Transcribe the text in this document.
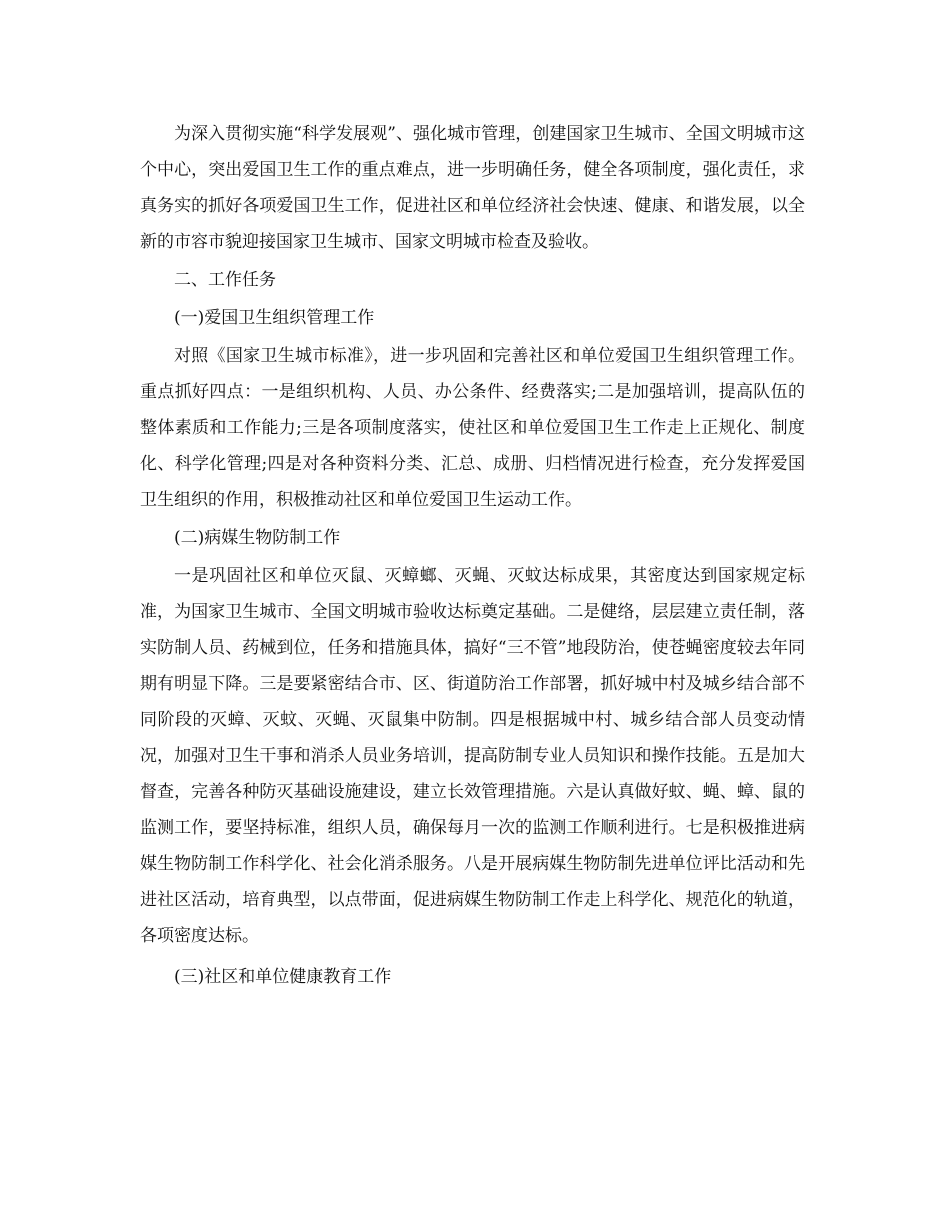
为深入贯彻实施“科学发展观”、强化城市管理，创建国家卫生城市、全国文明城市这个中心，突出爱国卫生工作的重点难点，进一步明确任务，健全各项制度，强化责任，求真务实的抓好各项爱国卫生工作，促进社区和单位经济社会快速、健康、和谐发展，以全新的市容市貌迎接国家卫生城市、国家文明城市检查及验收。

二、工作任务

(一)爱国卫生组织管理工作

对照《国家卫生城市标准》，进一步巩固和完善社区和单位爱国卫生组织管理工作。重点抓好四点：一是组织机构、人员、办公条件、经费落实;二是加强培训，提高队伍的整体素质和工作能力;三是各项制度落实，使社区和单位爱国卫生工作走上正规化、制度化、科学化管理;四是对各种资料分类、汇总、成册、归档情况进行检查，充分发挥爱国卫生组织的作用，积极推动社区和单位爱国卫生运动工作。

(二)病媒生物防制工作

一是巩固社区和单位灭鼠、灭蟑螂、灭蝇、灭蚊达标成果，其密度达到国家规定标准，为国家卫生城市、全国文明城市验收达标奠定基础。二是健络，层层建立责任制，落实防制人员、药械到位，任务和措施具体，搞好“三不管”地段防治，使苍蝇密度较去年同期有明显下降。三是要紧密结合市、区、街道防治工作部署，抓好城中村及城乡结合部不同阶段的灭蟑、灭蚊、灭蝇、灭鼠集中防制。四是根据城中村、城乡结合部人员变动情况，加强对卫生干事和消杀人员业务培训，提高防制专业人员知识和操作技能。五是加大督查，完善各种防灭基础设施建设，建立长效管理措施。六是认真做好蚊、蝇、蟑、鼠的监测工作，要坚持标准，组织人员，确保每月一次的监测工作顺利进行。七是积极推进病媒生物防制工作科学化、社会化消杀服务。八是开展病媒生物防制先进单位评比活动和先进社区活动，培育典型，以点带面，促进病媒生物防制工作走上科学化、规范化的轨道，各项密度达标。

(三)社区和单位健康教育工作
